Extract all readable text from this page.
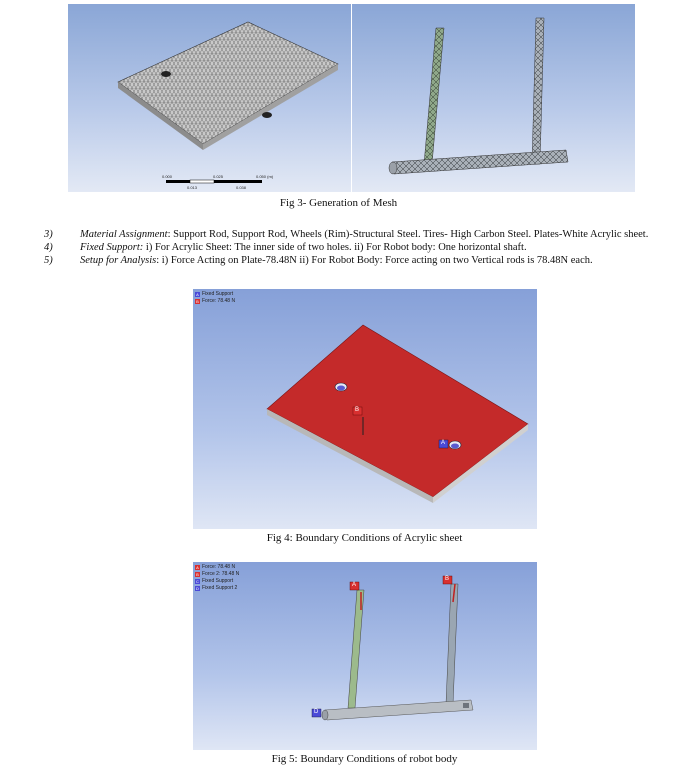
0.000	0.025	0.050 (m)
0.013	0.038
Fig 3- Generation of Mesh
3)	Material Assignment: Support Rod, Support Rod, Wheels (Rim)-Structural Steel. Tires- High Carbon Steel. Plates-White Acrylic sheet.
4)	Fixed Support: i) For Acrylic Sheet: The inner side of two holes. ii) For Robot body: One horizontal shaft.
5)	Setup for Analysis: i) Force Acting on Plate-78.48N ii) For Robot Body: Force acting on two Vertical rods is 78.48N each.
A Fixed Support
B Force: 78.48 N
B
A
Fig 4: Boundary Conditions of Acrylic sheet
A Force: 78.48 N
B Force 2: 78.48 N
C Fixed Support
D Fixed Support 2	A
B
D
Fig 5: Boundary Conditions of robot body
